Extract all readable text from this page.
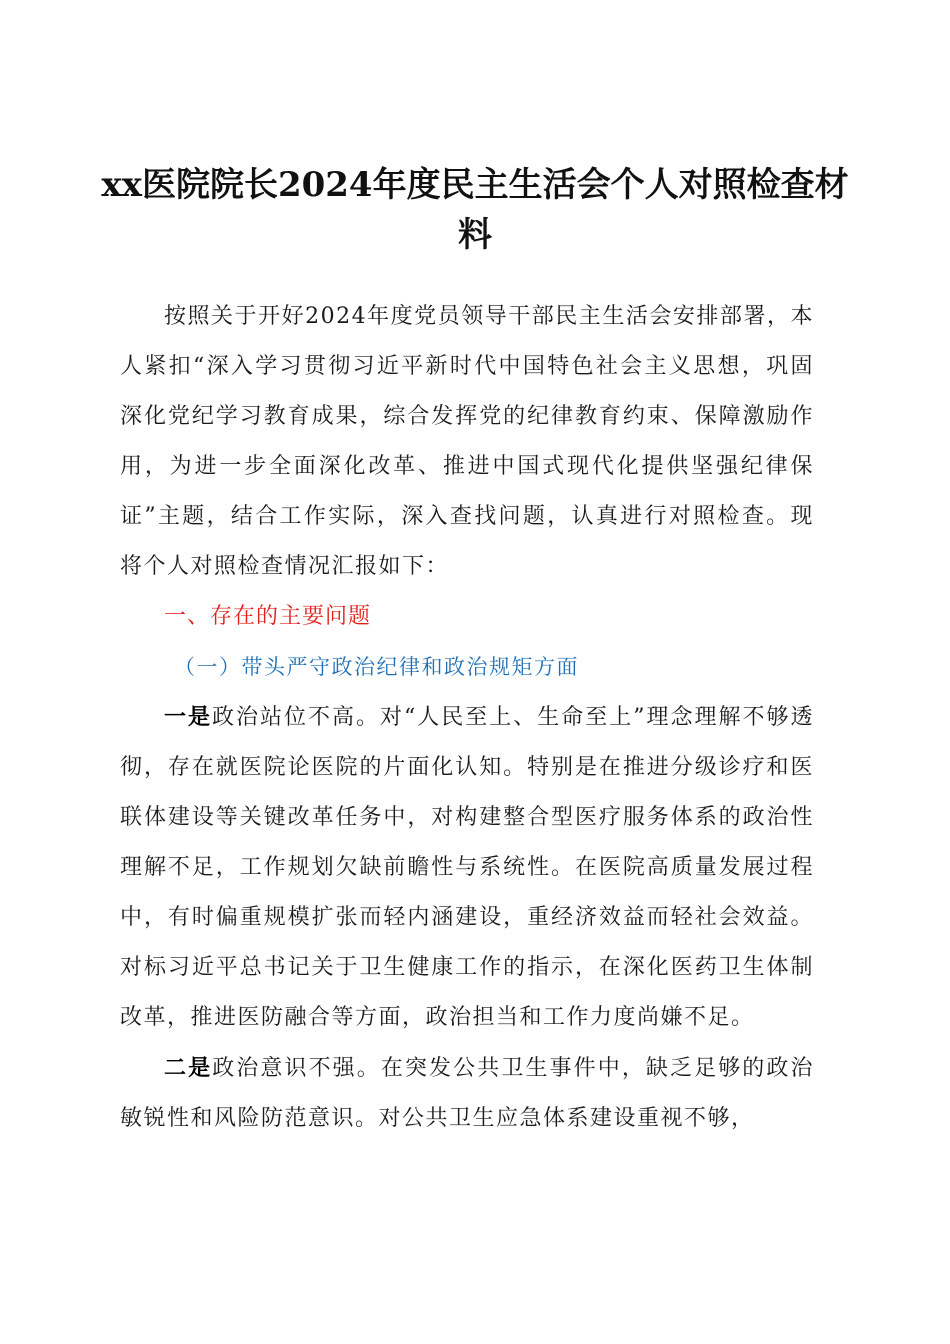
xx医院院长2024年度民主生活会个人对照检查材料

按照关于开好2024年度党员领导干部民主生活会安排部署，本人紧扣“深入学习贯彻习近平新时代中国特色社会主义思想，巩固深化党纪学习教育成果，综合发挥党的纪律教育约束、保障激励作用，为进一步全面深化改革、推进中国式现代化提供坚强纪律保证”主题，结合工作实际，深入查找问题，认真进行对照检查。现将个人对照检查情况汇报如下：

一、存在的主要问题

（一）带头严守政治纪律和政治规矩方面

一是政治站位不高。对“人民至上、生命至上”理念理解不够透彻，存在就医院论医院的片面化认知。特别是在推进分级诊疗和医联体建设等关键改革任务中，对构建整合型医疗服务体系的政治性理解不足，工作规划欠缺前瞻性与系统性。在医院高质量发展过程中，有时偏重规模扩张而轻内涵建设，重经济效益而轻社会效益。对标习近平总书记关于卫生健康工作的指示，在深化医药卫生体制改革，推进医防融合等方面，政治担当和工作力度尚嫌不足。

二是政治意识不强。在突发公共卫生事件中，缺乏足够的政治敏锐性和风险防范意识。对公共卫生应急体系建设重视不够，
